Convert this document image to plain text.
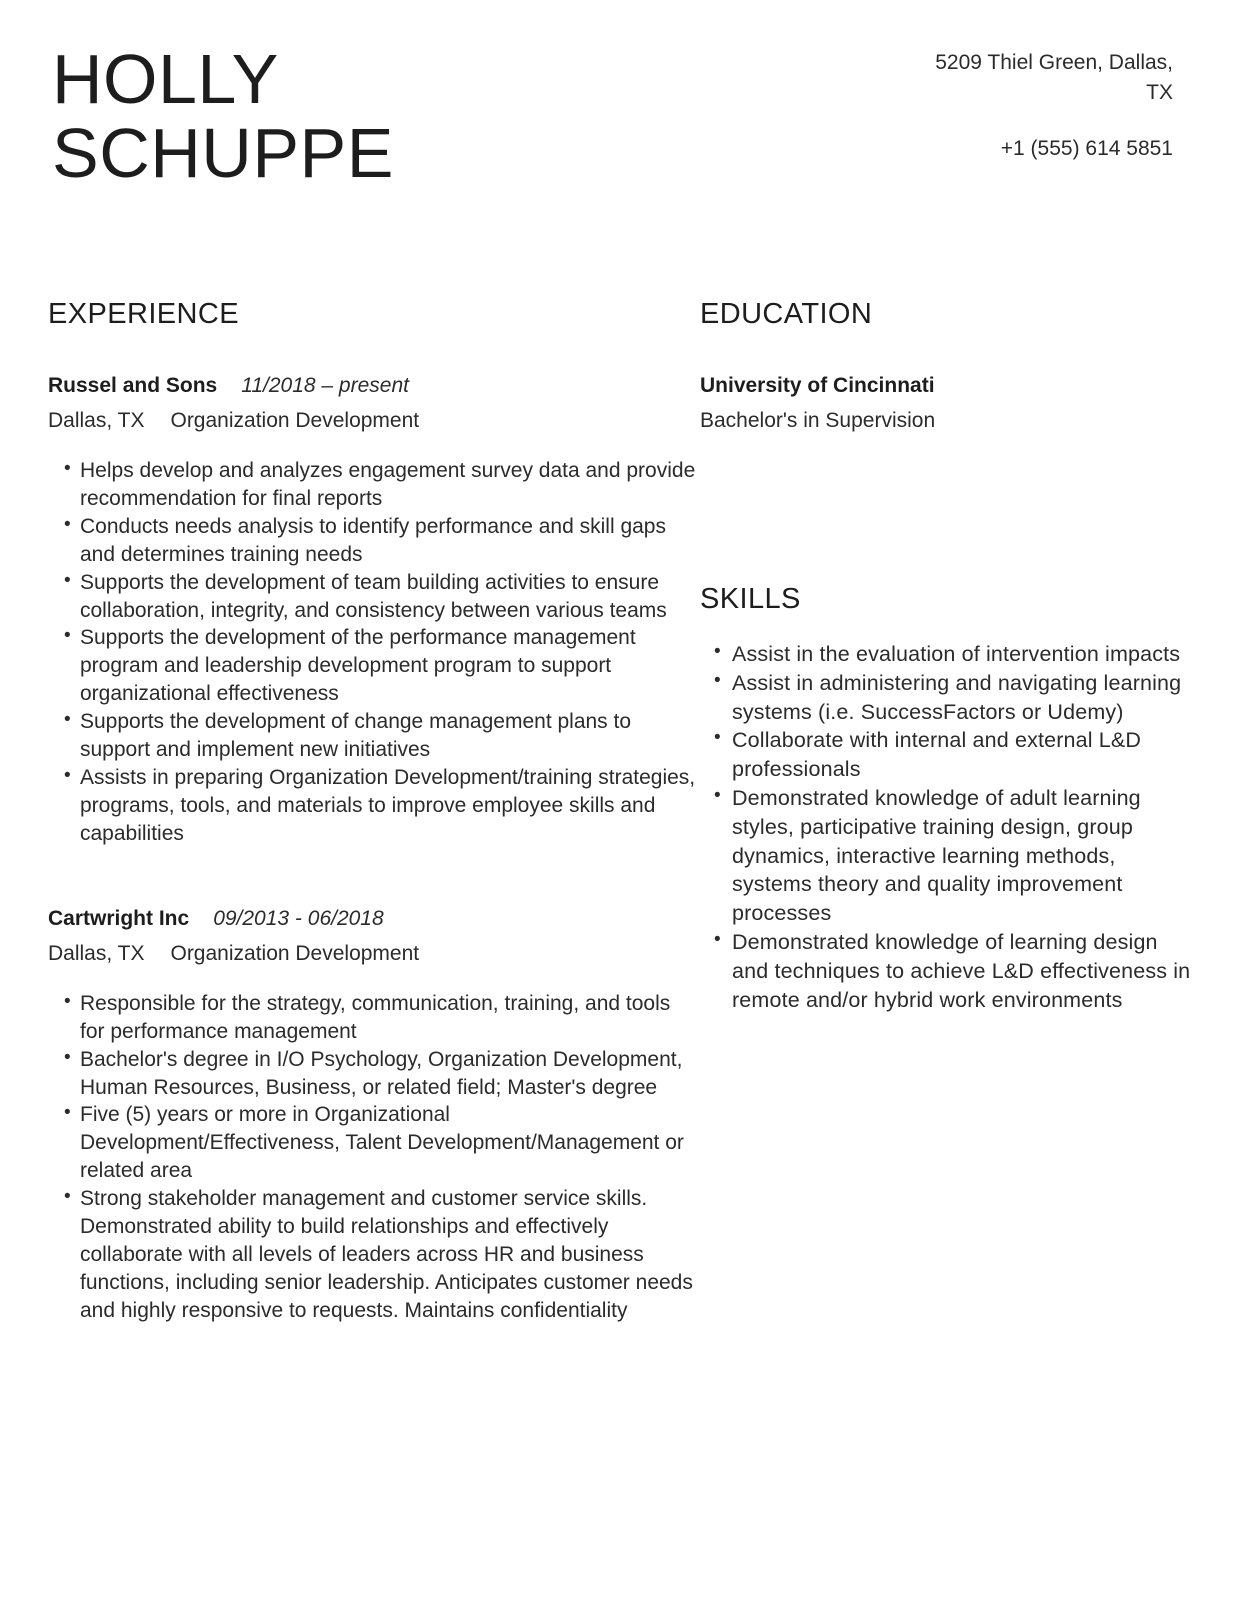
HOLLY
SCHUPPE
5209 Thiel Green, Dallas, TX
+1 (555) 614 5851
EXPERIENCE
Russel and Sons 11/2018 – present
Dallas, TX Organization Development
• Helps develop and analyzes engagement survey data and provide recommendation for final reports
• Conducts needs analysis to identify performance and skill gaps and determines training needs
• Supports the development of team building activities to ensure collaboration, integrity, and consistency between various teams
• Supports the development of the performance management program and leadership development program to support organizational effectiveness
• Supports the development of change management plans to support and implement new initiatives
• Assists in preparing Organization Development/training strategies, programs, tools, and materials to improve employee skills and capabilities
Cartwright Inc 09/2013 - 06/2018
Dallas, TX Organization Development
• Responsible for the strategy, communication, training, and tools for performance management
• Bachelor's degree in I/O Psychology, Organization Development, Human Resources, Business, or related field; Master's degree
• Five (5) years or more in Organizational Development/Effectiveness, Talent Development/Management or related area
• Strong stakeholder management and customer service skills. Demonstrated ability to build relationships and effectively collaborate with all levels of leaders across HR and business functions, including senior leadership. Anticipates customer needs and highly responsive to requests. Maintains confidentiality
EDUCATION
University of Cincinnati
Bachelor's in Supervision
SKILLS
• Assist in the evaluation of intervention impacts
• Assist in administering and navigating learning systems (i.e. SuccessFactors or Udemy)
• Collaborate with internal and external L&D professionals
• Demonstrated knowledge of adult learning styles, participative training design, group dynamics, interactive learning methods, systems theory and quality improvement processes
• Demonstrated knowledge of learning design and techniques to achieve L&D effectiveness in remote and/or hybrid work environments
